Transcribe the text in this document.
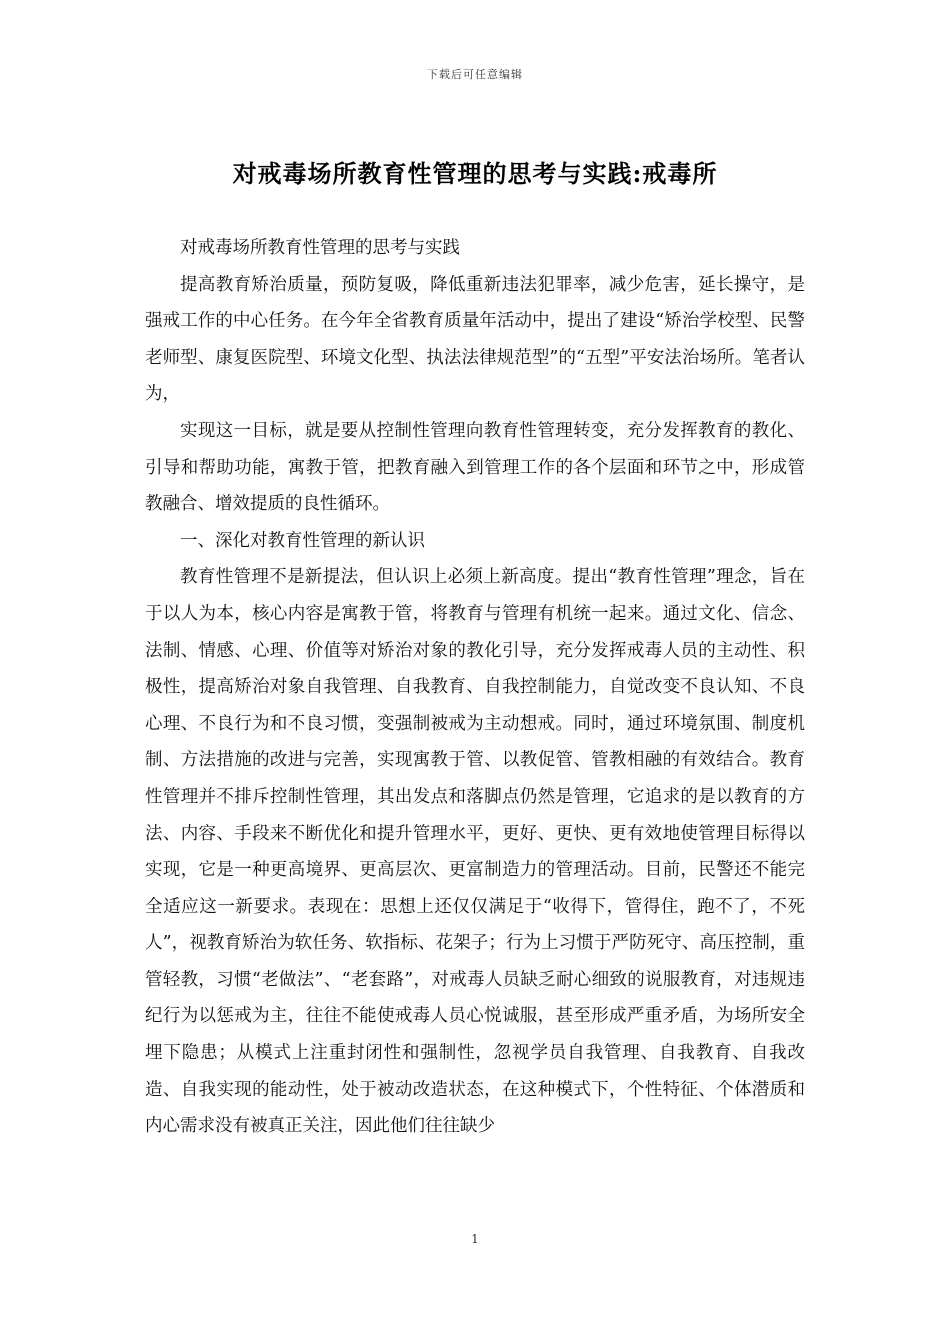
下载后可任意编辑
对戒毒场所教育性管理的思考与实践:戒毒所

对戒毒场所教育性管理的思考与实践

提高教育矫治质量，预防复吸，降低重新违法犯罪率，减少危害，延长操守，是强戒工作的中心任务。在今年全省教育质量年活动中，提出了建设“矫治学校型、民警老师型、康复医院型、环境文化型、执法法律规范型”的“五型”平安法治场所。笔者认为，

实现这一目标，就是要从控制性管理向教育性管理转变，充分发挥教育的教化、引导和帮助功能，寓教于管，把教育融入到管理工作的各个层面和环节之中，形成管教融合、增效提质的良性循环。

一、深化对教育性管理的新认识

教育性管理不是新提法，但认识上必须上新高度。提出“教育性管理”理念，旨在于以人为本，核心内容是寓教于管，将教育与管理有机统一起来。通过文化、信念、法制、情感、心理、价值等对矫治对象的教化引导，充分发挥戒毒人员的主动性、积极性，提高矫治对象自我管理、自我教育、自我控制能力，自觉改变不良认知、不良心理、不良行为和不良习惯，变强制被戒为主动想戒。同时，通过环境氛围、制度机制、方法措施的改进与完善，实现寓教于管、以教促管、管教相融的有效结合。教育性管理并不排斥控制性管理，其出发点和落脚点仍然是管理，它追求的是以教育的方法、内容、手段来不断优化和提升管理水平，更好、更快、更有效地使管理目标得以实现，它是一种更高境界、更高层次、更富制造力的管理活动。目前，民警还不能完全适应这一新要求。表现在：思想上还仅仅满足于“收得下，管得住，跑不了，不死人”，视教育矫治为软任务、软指标、花架子；行为上习惯于严防死守、高压控制，重管轻教，习惯“老做法”、“老套路”，对戒毒人员缺乏耐心细致的说服教育，对违规违纪行为以惩戒为主，往往不能使戒毒人员心悦诚服，甚至形成严重矛盾，为场所安全埋下隐患；从模式上注重封闭性和强制性，忽视学员自我管理、自我教育、自我改造、自我实现的能动性，处于被动改造状态，在这种模式下，个性特征、个体潜质和内心需求没有被真正关注，因此他们往往缺少

1
